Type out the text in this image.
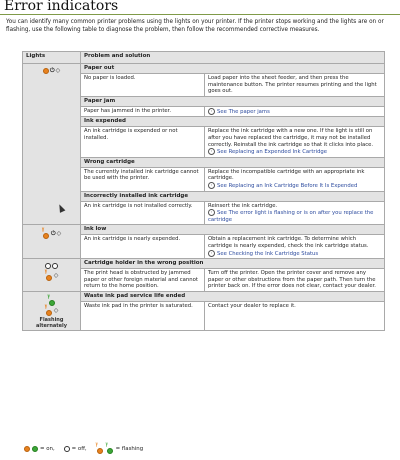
Error indicators

You can identify many common printer problems using the lights on your printer. If the printer stops working and the lights are on or flashing, use the following table to diagnose the problem, then follow the recommended corrective measures.

Lights	Problem and solution	

⏻ ◇	Paper out	
	No paper is loaded.	Load paper into the sheet feeder, and then press the maintenance button. The printer resumes printing and the light goes out.
	Paper jam	
	Paper has jammed in the printer.	› See The paper jams
	Ink expended	
	An ink cartridge is expended or not installed.	Replace the ink cartridge with a new one. If the light is still on after you have replaced the cartridge, it may not be installed correctly. Reinstall the ink cartridge so that it clicks into place.
› See Replacing an Expended Ink Cartridge
	Wrong cartridge	
	The currently installed ink cartridge cannot be used with the printer.	Replace the incompatible cartridge with an appropriate ink cartridge.
› See Replacing an Ink Cartridge Before It Is Expended
	Incorrectly installed ink cartridge	
	An ink cartridge is not installed correctly.	Reinsert the ink cartridge.
› See The error light is flashing or is on after you replace the cartridge

\|/
⏻ ◇	Ink low	
	An ink cartridge is nearly expended.	Obtain a replacement ink cartridge. To determine which cartridge is nearly expended, check the ink cartridge status.
› See Checking the Ink Cartridge Status

\|/
◇	Cartridge holder in the wrong position	
	The print head is obstructed by jammed paper or other foreign material and cannot return to the home position.	Turn off the printer. Open the printer cover and remove any paper or other obstructions from the paper path. Then turn the printer back on. If the error does not clear, contact your dealer.

\|/
\|/
◇
Flashing alternately	Waste ink pad service life ended	
	Waste ink pad in the printer is saturated.	Contact your dealer to replace it.
= on,	= off,
\|/ \|/
= flashing
